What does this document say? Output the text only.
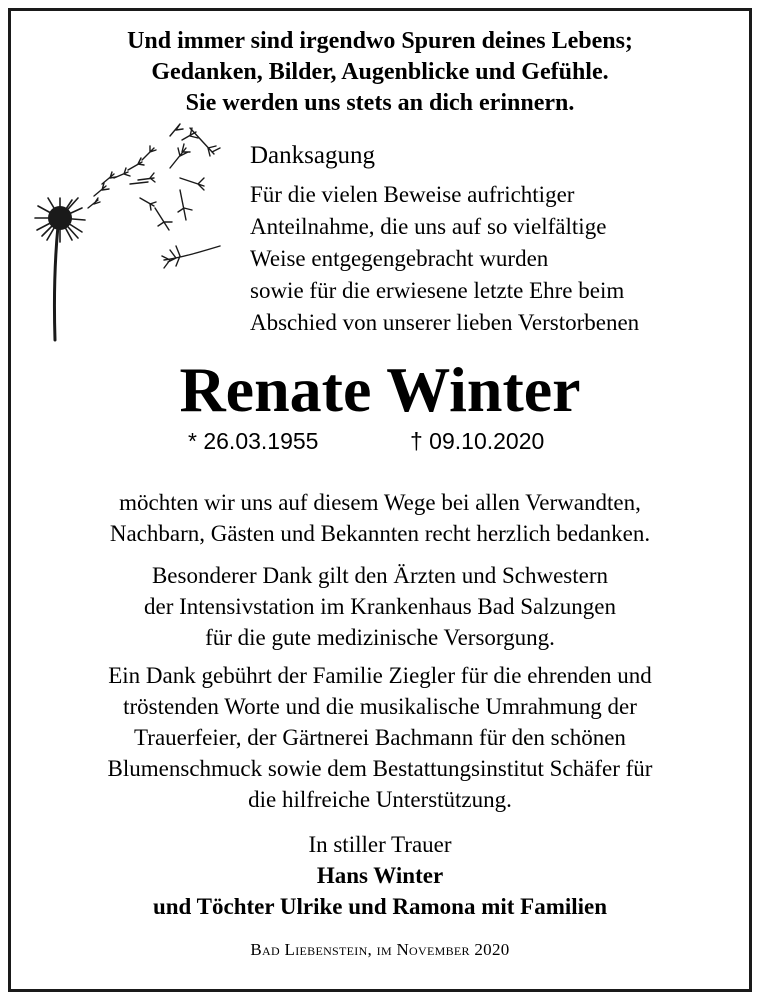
Und immer sind irgendwo Spuren deines Lebens;
Gedanken, Bilder, Augenblicke und Gefühle.
Sie werden uns stets an dich erinnern.
Danksagung
Für die vielen Beweise aufrichtiger
Anteilnahme, die uns auf so vielfältige
Weise entgegengebracht wurden
sowie für die erwiesene letzte Ehre beim
Abschied von unserer lieben Verstorbenen
Renate Winter
* 26.03.1955	† 09.10.2020
möchten wir uns auf diesem Wege bei allen Verwandten,
Nachbarn, Gästen und Bekannten recht herzlich bedanken.
Besonderer Dank gilt den Ärzten und Schwestern
der Intensivstation im Krankenhaus Bad Salzungen
für die gute medizinische Versorgung.
Ein Dank gebührt der Familie Ziegler für die ehrenden und
tröstenden Worte und die musikalische Umrahmung der
Trauerfeier, der Gärtnerei Bachmann für den schönen
Blumenschmuck sowie dem Bestattungsinstitut Schäfer für
die hilfreiche Unterstützung.
In stiller Trauer
Hans Winter
und Töchter Ulrike und Ramona mit Familien
Bad Liebenstein, im November 2020
